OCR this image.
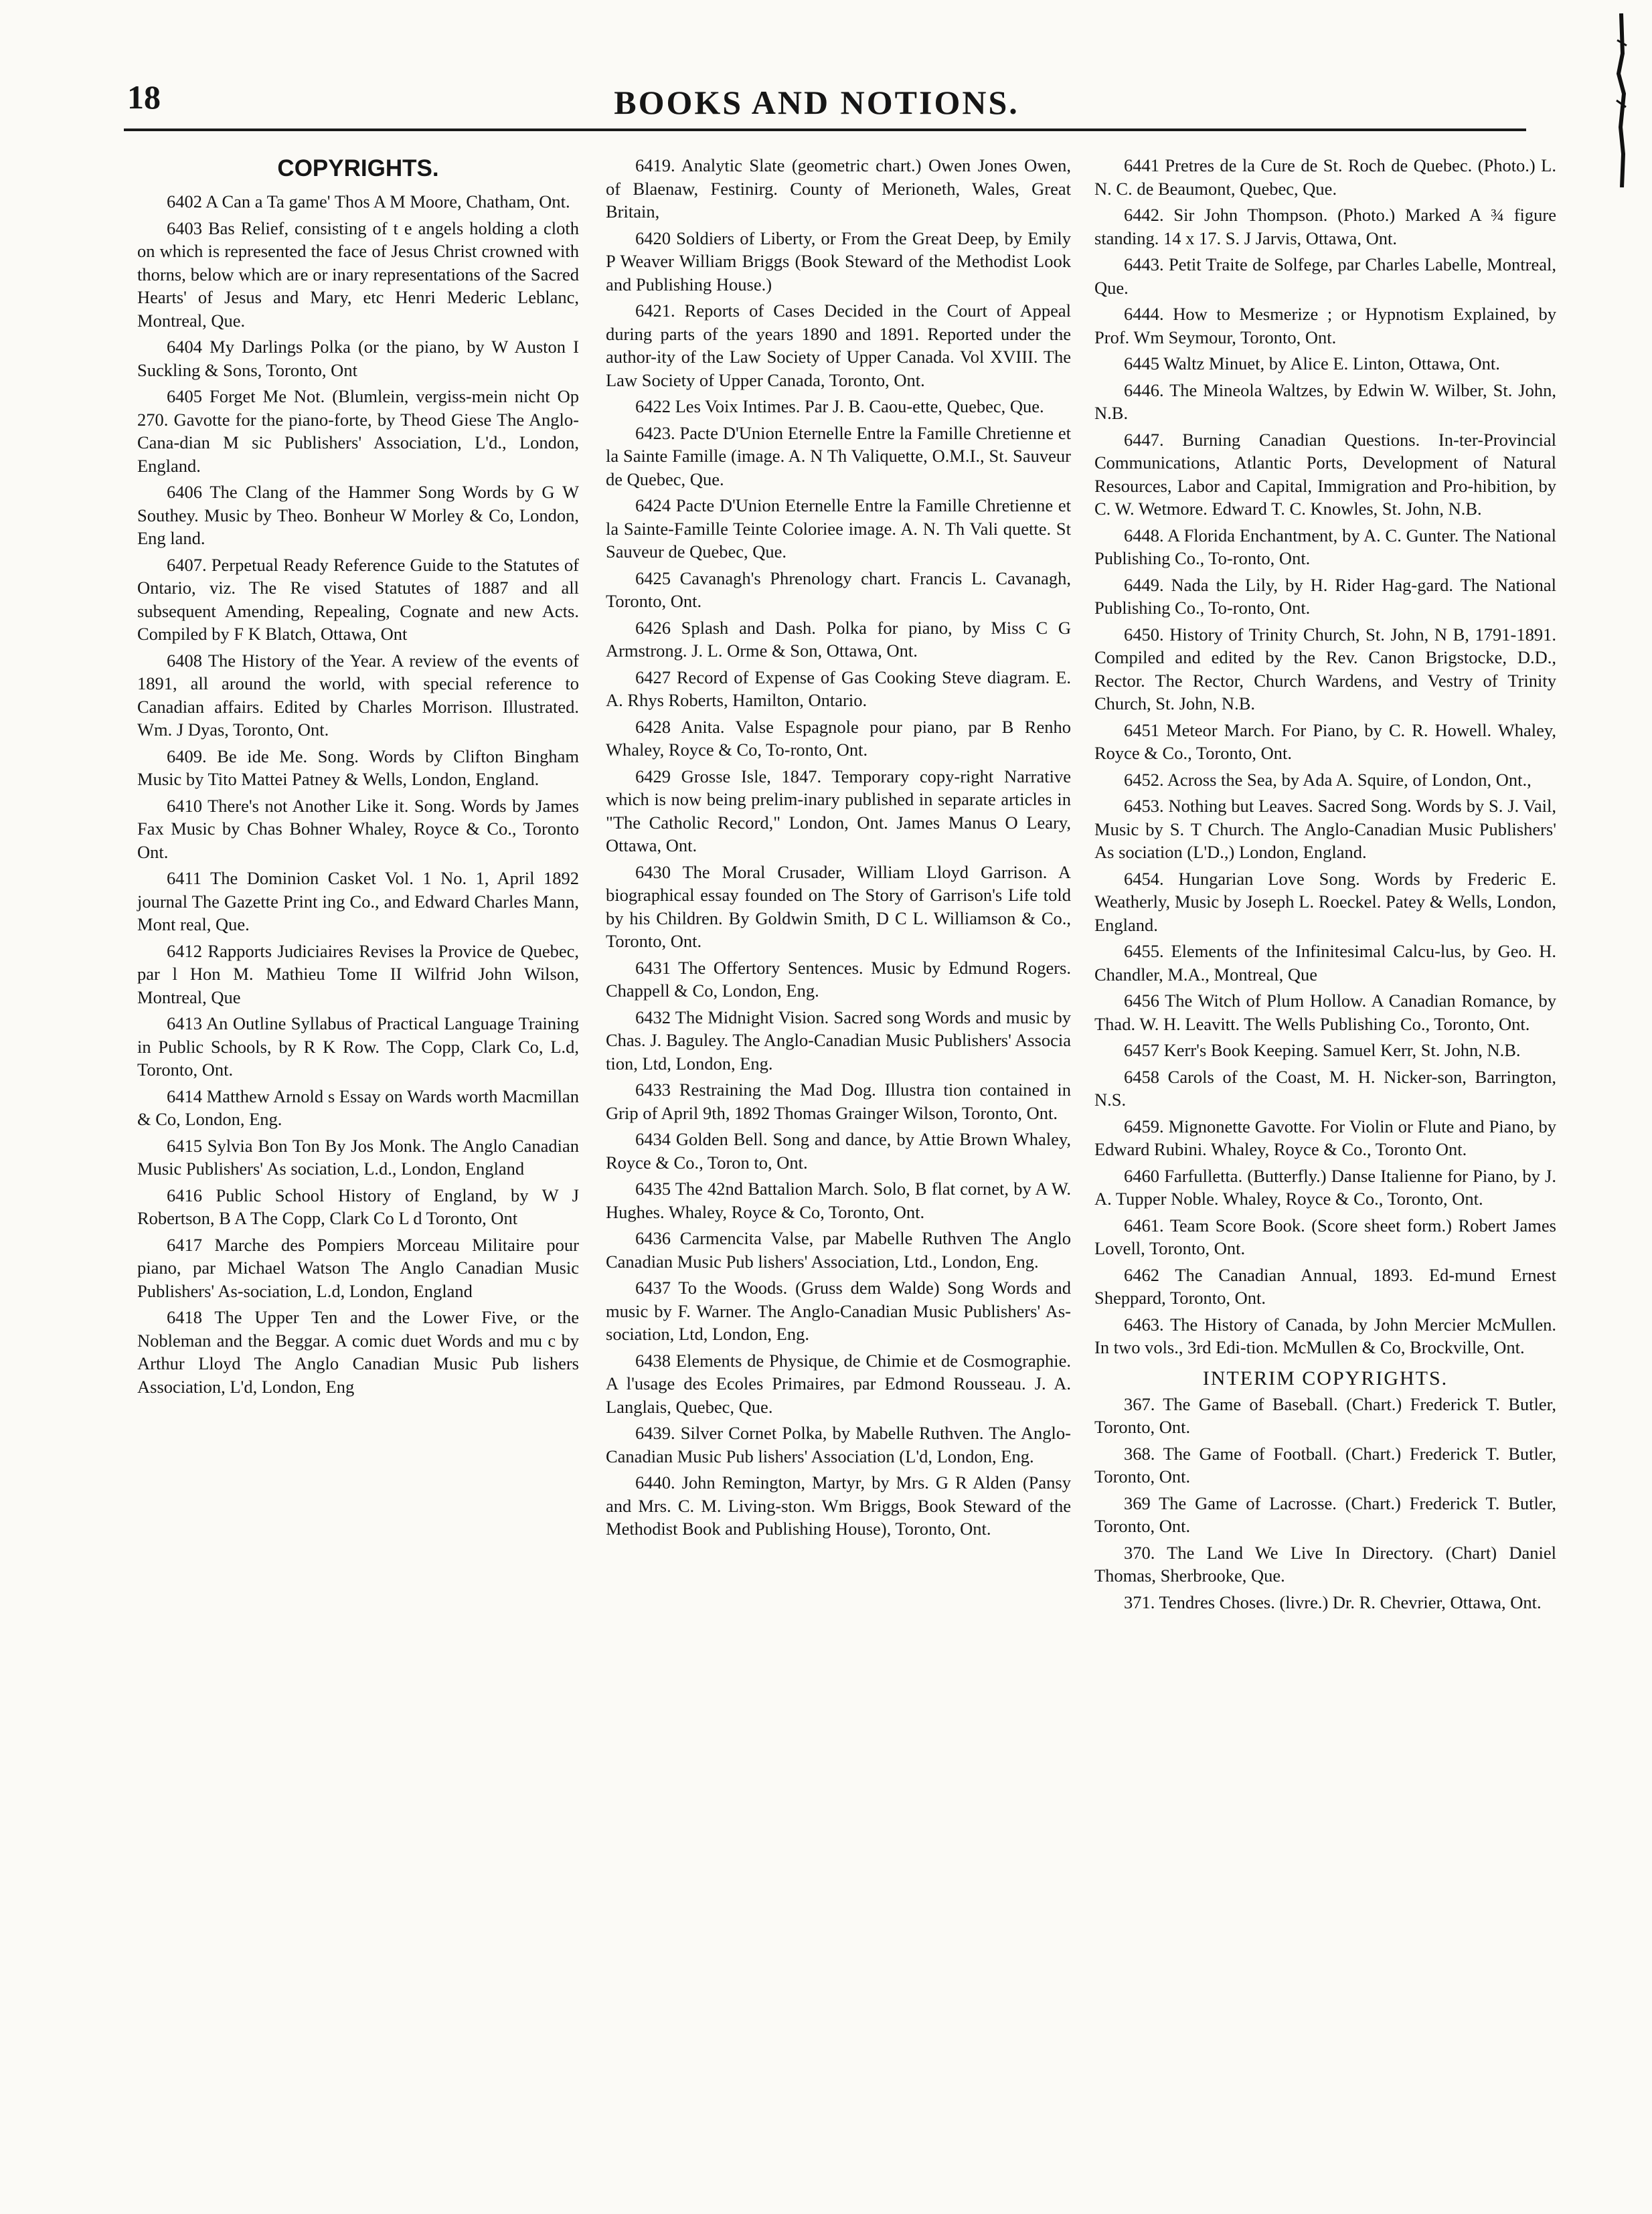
18	BOOKS AND NOTIONS.
COPYRIGHTS.

6402 A Can a Ta game' Thos A M Moore, Chatham, Ont.

6403 Bas Relief, consisting of t e angels holding a cloth on which is represented the face of Jesus Christ crowned with thorns, below which are or inary representations of the Sacred Hearts' of Jesus and Mary, etc Henri Mederic Leblanc, Montreal, Que.

6404 My Darlings Polka (or the piano, by W Auston I Suckling & Sons, Toronto, Ont

6405 Forget Me Not. (Blumlein, vergiss-mein nicht Op 270. Gavotte for the piano-forte, by Theod Giese The Anglo-Cana-dian M sic Publishers' Association, L'd., London, England.

6406 The Clang of the Hammer Song Words by G W Southey. Music by Theo. Bonheur W Morley & Co, London, Eng land.

6407. Perpetual Ready Reference Guide to the Statutes of Ontario, viz. The Re vised Statutes of 1887 and all subsequent Amending, Repealing, Cognate and new Acts. Compiled by F K Blatch, Ottawa, Ont

6408 The History of the Year. A review of the events of 1891, all around the world, with special reference to Canadian affairs. Edited by Charles Morrison. Illustrated. Wm. J Dyas, Toronto, Ont.

6409. Be ide Me. Song. Words by Clifton Bingham Music by Tito Mattei Patney & Wells, London, England.

6410 There's not Another Like it. Song. Words by James Fax Music by Chas Bohner Whaley, Royce & Co., Toronto Ont.

6411 The Dominion Casket Vol. 1 No. 1, April 1892 journal The Gazette Print ing Co., and Edward Charles Mann, Mont real, Que.

6412 Rapports Judiciaires Revises la Provice de Quebec, par l Hon M. Mathieu Tome II Wilfrid John Wilson, Montreal, Que

6413 An Outline Syllabus of Practical Language Training in Public Schools, by R K Row. The Copp, Clark Co, L.d, Toronto, Ont.

6414 Matthew Arnold s Essay on Wards worth Macmillan & Co, London, Eng.

6415 Sylvia Bon Ton By Jos Monk. The Anglo Canadian Music Publishers' As sociation, L.d., London, England

6416 Public School History of England, by W J Robertson, B A The Copp, Clark Co L d Toronto, Ont

6417 Marche des Pompiers Morceau Militaire pour piano, par Michael Watson The Anglo Canadian Music Publishers' As-sociation, L.d, London, England

6418 The Upper Ten and the Lower Five, or the Nobleman and the Beggar. A comic duet Words and mu c by Arthur Lloyd The Anglo Canadian Music Pub lishers Association, L'd, London, Eng

6419. Analytic Slate (geometric chart.) Owen Jones Owen, of Blaenaw, Festinirg. County of Merioneth, Wales, Great Britain,

6420 Soldiers of Liberty, or From the Great Deep, by Emily P Weaver William Briggs (Book Steward of the Methodist Look and Publishing House.)

6421. Reports of Cases Decided in the Court of Appeal during parts of the years 1890 and 1891. Reported under the author-ity of the Law Society of Upper Canada. Vol XVIII. The Law Society of Upper Canada, Toronto, Ont.

6422 Les Voix Intimes. Par J. B. Caou-ette, Quebec, Que.

6423. Pacte D'Union Eternelle Entre la Famille Chretienne et la Sainte Famille (image. A. N Th Valiquette, O.M.I., St. Sauveur de Quebec, Que.

6424 Pacte D'Union Eternelle Entre la Famille Chretienne et la Sainte-Famille Teinte Coloriee image. A. N. Th Vali quette. St Sauveur de Quebec, Que.

6425 Cavanagh's Phrenology chart. Francis L. Cavanagh, Toronto, Ont.

6426 Splash and Dash. Polka for piano, by Miss C G Armstrong. J. L. Orme & Son, Ottawa, Ont.

6427 Record of Expense of Gas Cooking Steve diagram. E. A. Rhys Roberts, Hamilton, Ontario.

6428 Anita. Valse Espagnole pour piano, par B Renho Whaley, Royce & Co, To-ronto, Ont.

6429 Grosse Isle, 1847. Temporary copy-right Narrative which is now being prelim-inary published in separate articles in "The Catholic Record," London, Ont. James Manus O Leary, Ottawa, Ont.

6430 The Moral Crusader, William Lloyd Garrison. A biographical essay founded on The Story of Garrison's Life told by his Children. By Goldwin Smith, D C L. Williamson & Co., Toronto, Ont.

6431 The Offertory Sentences. Music by Edmund Rogers. Chappell & Co, London, Eng.

6432 The Midnight Vision. Sacred song Words and music by Chas. J. Baguley. The Anglo-Canadian Music Publishers' Associa tion, Ltd, London, Eng.

6433 Restraining the Mad Dog. Illustra tion contained in Grip of April 9th, 1892 Thomas Grainger Wilson, Toronto, Ont.

6434 Golden Bell. Song and dance, by Attie Brown Whaley, Royce & Co., Toron to, Ont.

6435 The 42nd Battalion March. Solo, B flat cornet, by A W. Hughes. Whaley, Royce & Co, Toronto, Ont.

6436 Carmencita Valse, par Mabelle Ruthven The Anglo Canadian Music Pub lishers' Association, Ltd., London, Eng.

6437 To the Woods. (Gruss dem Walde) Song Words and music by F. Warner. The Anglo-Canadian Music Publishers' As-sociation, Ltd, London, Eng.

6438 Elements de Physique, de Chimie et de Cosmographie. A l'usage des Ecoles Primaires, par Edmond Rousseau. J. A. Langlais, Quebec, Que.

6439. Silver Cornet Polka, by Mabelle Ruthven. The Anglo-Canadian Music Pub lishers' Association (L'd, London, Eng.

6440. John Remington, Martyr, by Mrs. G R Alden (Pansy and Mrs. C. M. Living-ston. Wm Briggs, Book Steward of the Methodist Book and Publishing House), Toronto, Ont.

6441 Pretres de la Cure de St. Roch de Quebec. (Photo.) L. N. C. de Beaumont, Quebec, Que.

6442. Sir John Thompson. (Photo.) Marked A ¾ figure standing. 14 x 17. S. J Jarvis, Ottawa, Ont.

6443. Petit Traite de Solfege, par Charles Labelle, Montreal, Que.

6444. How to Mesmerize ; or Hypnotism Explained, by Prof. Wm Seymour, Toronto, Ont.

6445 Waltz Minuet, by Alice E. Linton, Ottawa, Ont.

6446. The Mineola Waltzes, by Edwin W. Wilber, St. John, N.B.

6447. Burning Canadian Questions. In-ter-Provincial Communications, Atlantic Ports, Development of Natural Resources, Labor and Capital, Immigration and Pro-hibition, by C. W. Wetmore. Edward T. C. Knowles, St. John, N.B.

6448. A Florida Enchantment, by A. C. Gunter. The National Publishing Co., To-ronto, Ont.

6449. Nada the Lily, by H. Rider Hag-gard. The National Publishing Co., To-ronto, Ont.

6450. History of Trinity Church, St. John, N B, 1791-1891. Compiled and edited by the Rev. Canon Brigstocke, D.D., Rector. The Rector, Church Wardens, and Vestry of Trinity Church, St. John, N.B.

6451 Meteor March. For Piano, by C. R. Howell. Whaley, Royce & Co., Toronto, Ont.

6452. Across the Sea, by Ada A. Squire, of London, Ont.,

6453. Nothing but Leaves. Sacred Song. Words by S. J. Vail, Music by S. T Church. The Anglo-Canadian Music Publishers' As sociation (L'D.,) London, England.

6454. Hungarian Love Song. Words by Frederic E. Weatherly, Music by Joseph L. Roeckel. Patey & Wells, London, England.

6455. Elements of the Infinitesimal Calcu-lus, by Geo. H. Chandler, M.A., Montreal, Que

6456 The Witch of Plum Hollow. A Canadian Romance, by Thad. W. H. Leavitt. The Wells Publishing Co., Toronto, Ont.

6457 Kerr's Book Keeping. Samuel Kerr, St. John, N.B.

6458 Carols of the Coast, M. H. Nicker-son, Barrington, N.S.

6459. Mignonette Gavotte. For Violin or Flute and Piano, by Edward Rubini. Whaley, Royce & Co., Toronto Ont.

6460 Farfulletta. (Butterfly.) Danse Italienne for Piano, by J. A. Tupper Noble. Whaley, Royce & Co., Toronto, Ont.

6461. Team Score Book. (Score sheet form.) Robert James Lovell, Toronto, Ont.

6462 The Canadian Annual, 1893. Ed-mund Ernest Sheppard, Toronto, Ont.

6463. The History of Canada, by John Mercier McMullen. In two vols., 3rd Edi-tion. McMullen & Co, Brockville, Ont.

INTERIM COPYRIGHTS.

367. The Game of Baseball. (Chart.) Frederick T. Butler, Toronto, Ont.

368. The Game of Football. (Chart.) Frederick T. Butler, Toronto, Ont.

369 The Game of Lacrosse. (Chart.) Frederick T. Butler, Toronto, Ont.

370. The Land We Live In Directory. (Chart) Daniel Thomas, Sherbrooke, Que.

371. Tendres Choses. (livre.) Dr. R. Chevrier, Ottawa, Ont.
